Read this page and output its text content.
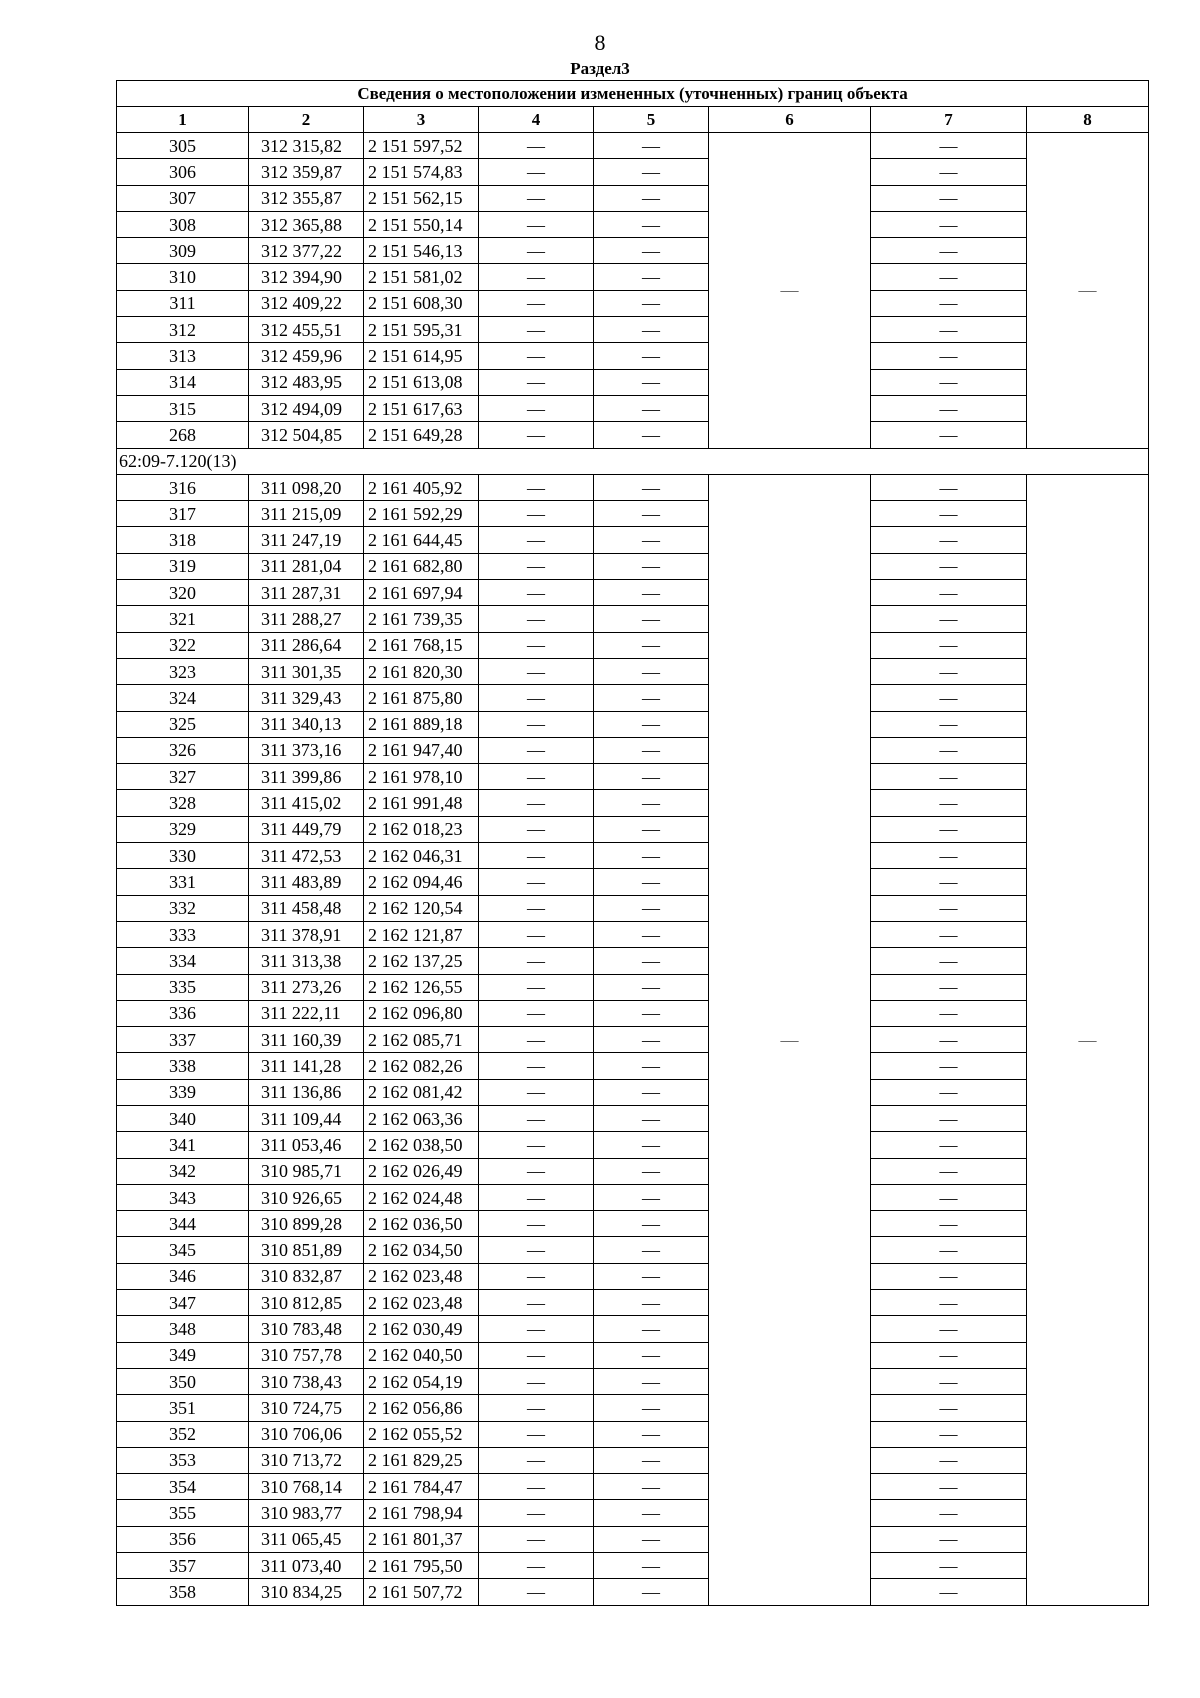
8
Раздел3
Сведения о местоположении измененных (уточненных) границ объекта							
1	2	3	4	5	6	7	8
305	312 315,82	2 151 597,52	—	—	—	—	—
306	312 359,87	2 151 574,83	—	—		—	
307	312 355,87	2 151 562,15	—	—		—	
308	312 365,88	2 151 550,14	—	—		—	
309	312 377,22	2 151 546,13	—	—		—	
310	312 394,90	2 151 581,02	—	—		—	
311	312 409,22	2 151 608,30	—	—		—	
312	312 455,51	2 151 595,31	—	—		—	
313	312 459,96	2 151 614,95	—	—		—	
314	312 483,95	2 151 613,08	—	—		—	
315	312 494,09	2 151 617,63	—	—		—	
268	312 504,85	2 151 649,28	—	—		—	
62:09-7.120(13)							
316	311 098,20	2 161 405,92	—	—	—	—	—
317	311 215,09	2 161 592,29	—	—		—	
318	311 247,19	2 161 644,45	—	—		—	
319	311 281,04	2 161 682,80	—	—		—	
320	311 287,31	2 161 697,94	—	—		—	
321	311 288,27	2 161 739,35	—	—		—	
322	311 286,64	2 161 768,15	—	—		—	
323	311 301,35	2 161 820,30	—	—		—	
324	311 329,43	2 161 875,80	—	—		—	
325	311 340,13	2 161 889,18	—	—		—	
326	311 373,16	2 161 947,40	—	—		—	
327	311 399,86	2 161 978,10	—	—		—	
328	311 415,02	2 161 991,48	—	—		—	
329	311 449,79	2 162 018,23	—	—		—	
330	311 472,53	2 162 046,31	—	—		—	
331	311 483,89	2 162 094,46	—	—		—	
332	311 458,48	2 162 120,54	—	—		—	
333	311 378,91	2 162 121,87	—	—		—	
334	311 313,38	2 162 137,25	—	—		—	
335	311 273,26	2 162 126,55	—	—		—	
336	311 222,11	2 162 096,80	—	—		—	
337	311 160,39	2 162 085,71	—	—		—	
338	311 141,28	2 162 082,26	—	—		—	
339	311 136,86	2 162 081,42	—	—		—	
340	311 109,44	2 162 063,36	—	—		—	
341	311 053,46	2 162 038,50	—	—		—	
342	310 985,71	2 162 026,49	—	—		—	
343	310 926,65	2 162 024,48	—	—		—	
344	310 899,28	2 162 036,50	—	—		—	
345	310 851,89	2 162 034,50	—	—		—	
346	310 832,87	2 162 023,48	—	—		—	
347	310 812,85	2 162 023,48	—	—		—	
348	310 783,48	2 162 030,49	—	—		—	
349	310 757,78	2 162 040,50	—	—		—	
350	310 738,43	2 162 054,19	—	—		—	
351	310 724,75	2 162 056,86	—	—		—	
352	310 706,06	2 162 055,52	—	—		—	
353	310 713,72	2 161 829,25	—	—		—	
354	310 768,14	2 161 784,47	—	—		—	
355	310 983,77	2 161 798,94	—	—		—	
356	311 065,45	2 161 801,37	—	—		—	
357	311 073,40	2 161 795,50	—	—		—	
358	310 834,25	2 161 507,72	—	—		—	
